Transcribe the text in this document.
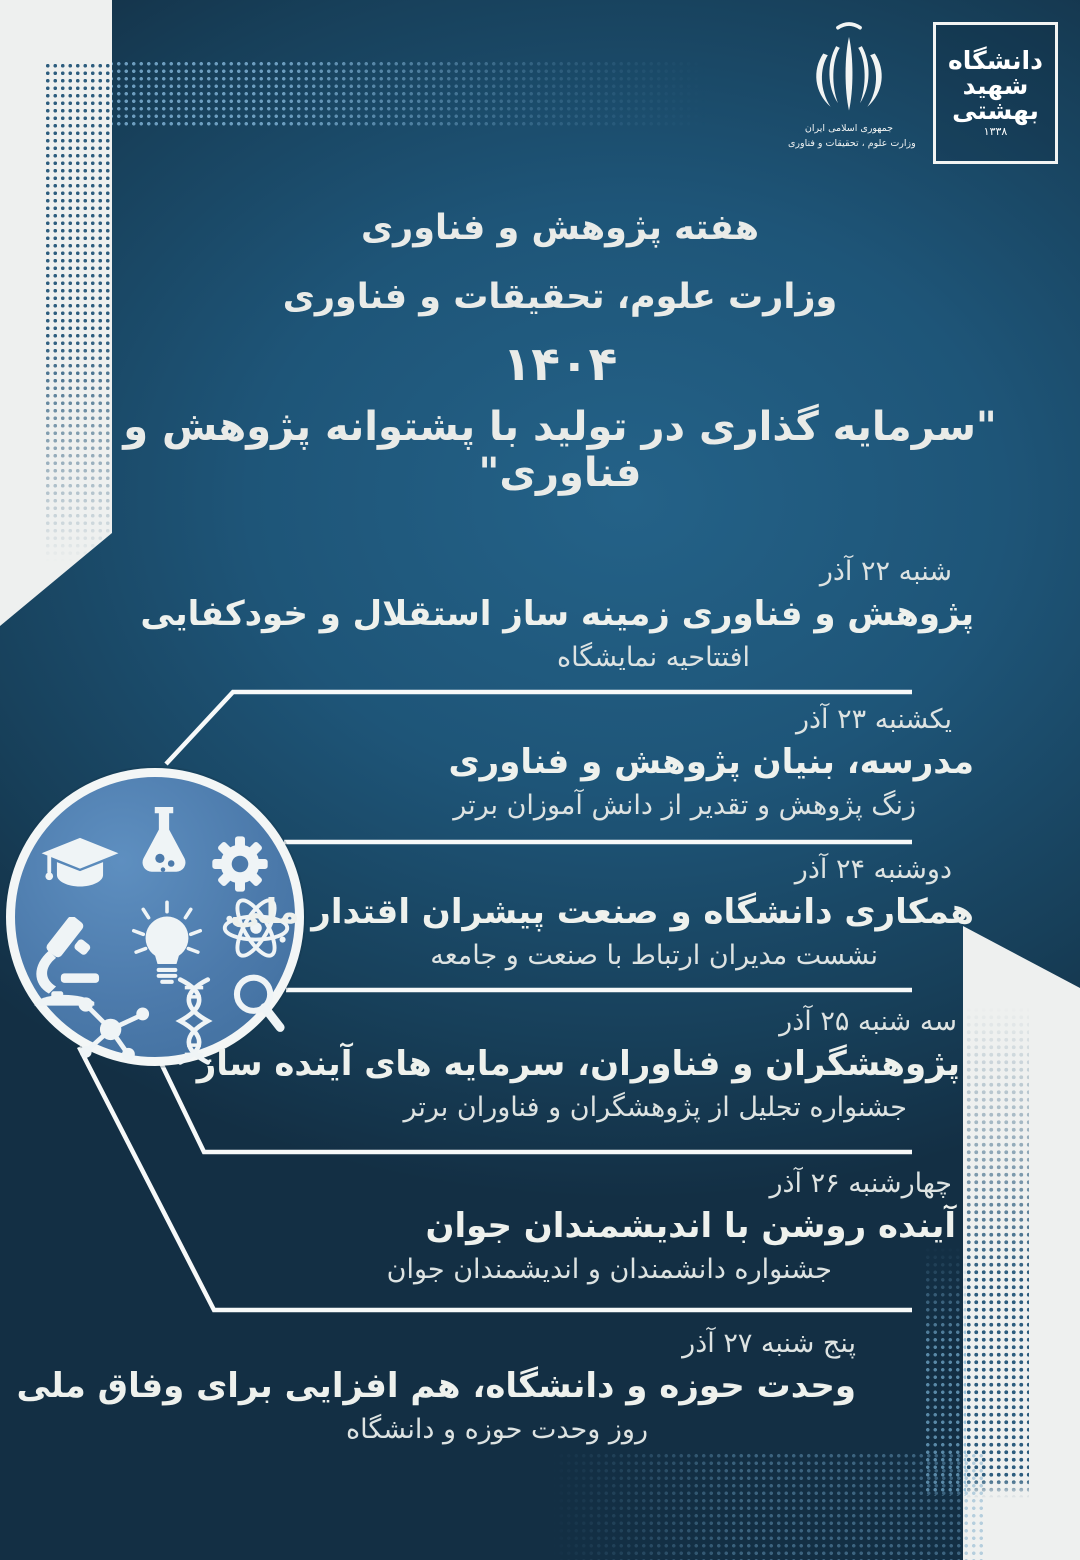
جمهوری اسلامی ایران
وزارت علوم ، تحقیقات و فناوری
دانشگاه
شهید
بهشتی
۱۳۳۸
هفته پژوهش و فناوری
وزارت علوم، تحقیقات و فناوری
۱۴۰۴
"سرمایه گذاری در تولید با پشتوانه پژوهش و فناوری"
شنبه ۲۲ آذر
پژوهش و فناوری زمینه ساز استقلال و خودکفایی
افتتاحیه نمایشگاه
یکشنبه ۲۳ آذر
مدرسه، بنیان پژوهش و فناوری
زنگ پژوهش و تقدیر از دانش آموزان برتر
دوشنبه ۲۴ آذر
همکاری دانشگاه و صنعت پیشران اقتدار ملی
نشست مدیران ارتباط با صنعت و جامعه
سه شنبه ۲۵ آذر
پژوهشگران و فناوران، سرمایه های آینده ساز
جشنواره تجلیل از پژوهشگران و فناوران برتر
چهارشنبه ۲۶ آذر
آینده روشن با اندیشمندان جوان
جشنواره دانشمندان و اندیشمندان جوان
پنج شنبه ۲۷ آذر
وحدت حوزه و دانشگاه، هم افزایی برای وفاق ملی
روز وحدت حوزه و دانشگاه
